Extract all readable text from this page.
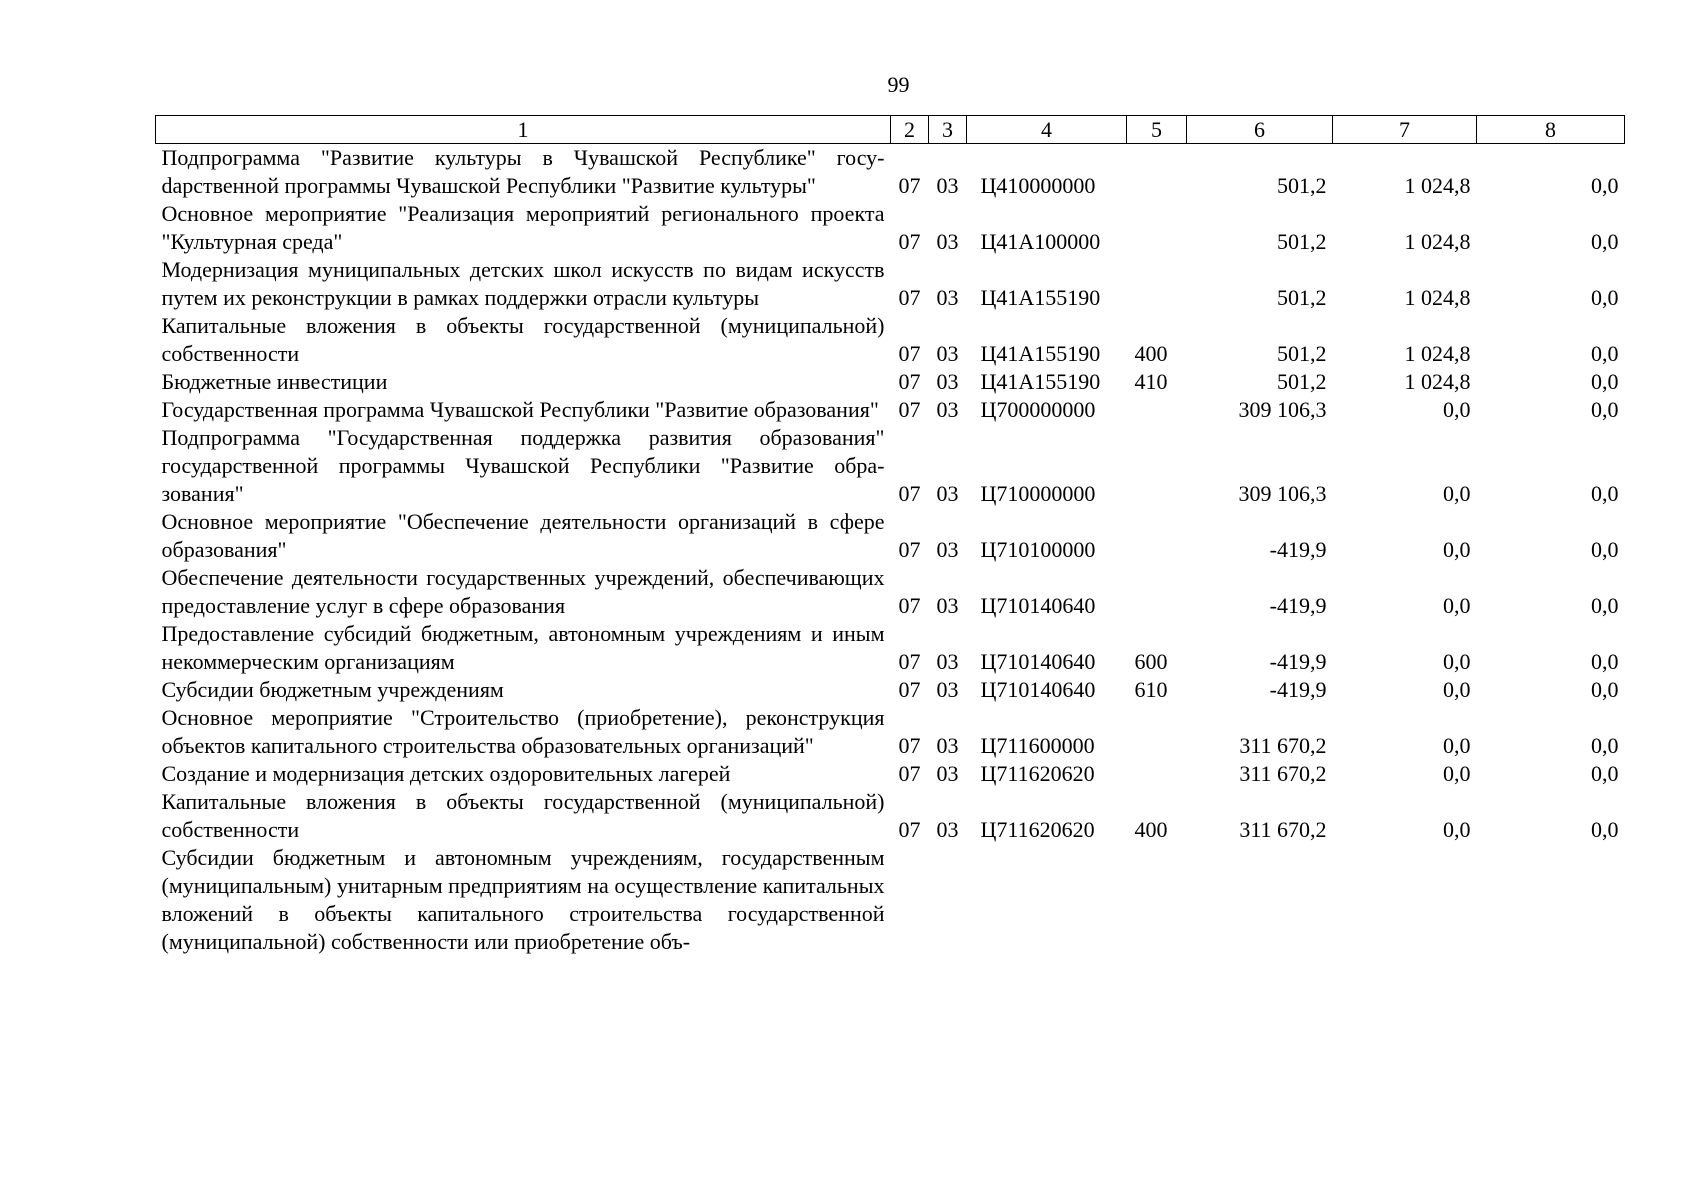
99
1	2	3	4	5	6	7	8
Подпрограмма "Развитие культуры в Чувашской Республике" госуdарственной программы Чувашской Республики "Развитие культуры"	07	03	Ц410000000		501,2	1 024,8	0,0
Основное мероприятие "Реализация мероприятий регионального проекта "Культурная среда"	07	03	Ц41А100000		501,2	1 024,8	0,0
Модернизация муниципальных детских школ искусств по видам искусств путем их реконструкции в рамках поддержки отрасли культуры	07	03	Ц41А155190		501,2	1 024,8	0,0
Капитальные вложения в объекты государственной (муниципальной) собственности	07	03	Ц41А155190	400	501,2	1 024,8	0,0
Бюджетные инвестиции	07	03	Ц41А155190	410	501,2	1 024,8	0,0
Государственная программа Чувашской Республики "Развитие образования"	07	03	Ц700000000		309 106,3	0,0	0,0
Подпрограмма "Государственная поддержка развития образования" государственной программы Чувашской Республики "Развитие образования"	07	03	Ц710000000		309 106,3	0,0	0,0
Основное мероприятие "Обеспечение деятельности организаций в сфере образования"	07	03	Ц710100000		-419,9	0,0	0,0
Обеспечение деятельности государственных учреждений, обеспечивающих предоставление услуг в сфере образования	07	03	Ц710140640		-419,9	0,0	0,0
Предоставление субсидий бюджетным, автономным учреждениям и иным некоммерческим организациям	07	03	Ц710140640	600	-419,9	0,0	0,0
Субсидии бюджетным учреждениям	07	03	Ц710140640	610	-419,9	0,0	0,0
Основное мероприятие "Строительство (приобретение), реконструкция объектов капитального строительства образовательных организаций"	07	03	Ц711600000		311 670,2	0,0	0,0
Создание и модернизация детских оздоровительных лагерей	07	03	Ц711620620		311 670,2	0,0	0,0
Капитальные вложения в объекты государственной (муниципальной) собственности	07	03	Ц711620620	400	311 670,2	0,0	0,0
Субсидии бюджетным и автономным учреждениям, государственным (муниципальным) унитарным предприятиям на осуществление капитальных вложений в объекты капитального строительства государственной (муниципальной) собственности или приобретение объ-							
